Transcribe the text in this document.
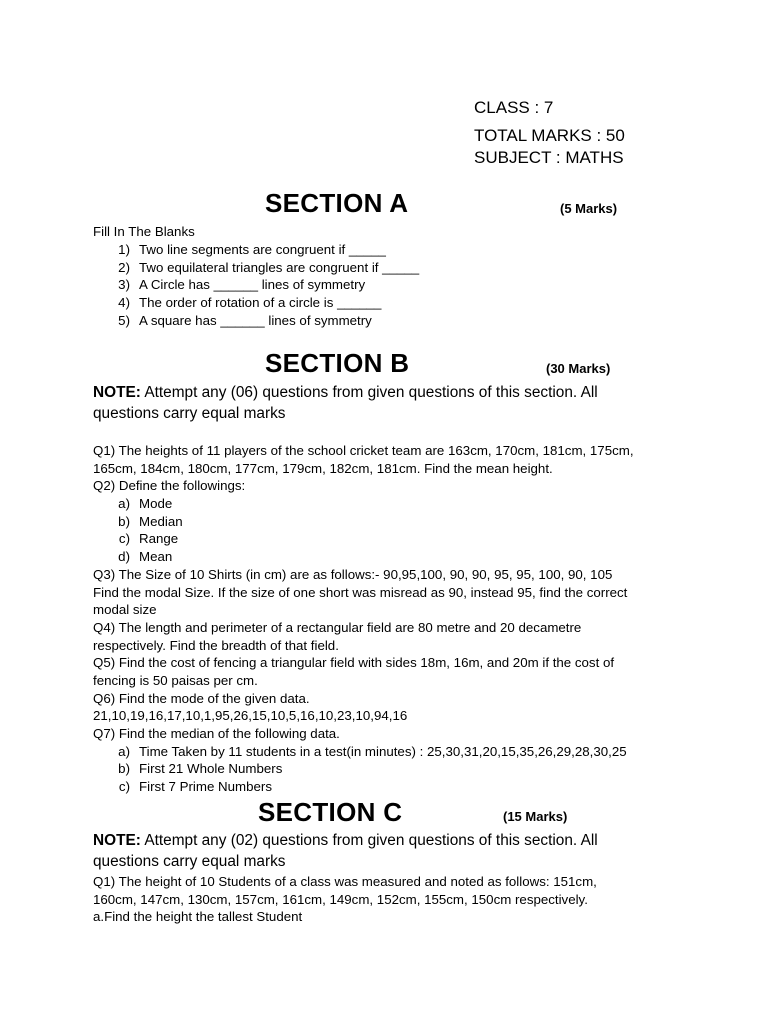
CLASS : 7
TOTAL MARKS : 50
SUBJECT : MATHS
SECTION A	(5 Marks)
Fill In The Blanks
1) Two line segments are congruent if _____
2) Two equilateral triangles are congruent if _____
3) A Circle has ______ lines of symmetry
4) The order of rotation of a circle is ______
5) A square has ______ lines of symmetry
SECTION B	(30 Marks)
NOTE: Attempt any (06) questions from given questions of this section. All
questions carry equal marks
Q1) The heights of 11 players of the school cricket team are 163cm, 170cm, 181cm, 175cm,
165cm, 184cm, 180cm, 177cm, 179cm, 182cm, 181cm. Find the mean height.
Q2) Define the followings:
a) Mode
b) Median
c) Range
d) Mean
Q3) The Size of 10 Shirts (in cm) are as follows:- 90,95,100, 90, 90, 95, 95, 100, 90, 105
Find the modal Size. If the size of one short was misread as 90, instead 95, find the correct
modal size
Q4) The length and perimeter of a rectangular field are 80 metre and 20 decametre
respectively. Find the breadth of that field.
Q5) Find the cost of fencing a triangular field with sides 18m, 16m, and 20m if the cost of
fencing is 50 paisas per cm.
Q6) Find the mode of the given data.
21,10,19,16,17,10,1,95,26,15,10,5,16,10,23,10,94,16
Q7) Find the median of the following data.
a) Time Taken by 11 students in a test(in minutes) : 25,30,31,20,15,35,26,29,28,30,25
b) First 21 Whole Numbers
c) First 7 Prime Numbers
SECTION C	(15 Marks)
NOTE: Attempt any (02) questions from given questions of this section. All
questions carry equal marks
Q1) The height of 10 Students of a class was measured and noted as follows: 151cm,
160cm, 147cm, 130cm, 157cm, 161cm, 149cm, 152cm, 155cm, 150cm respectively.
a.Find the height the tallest Student
